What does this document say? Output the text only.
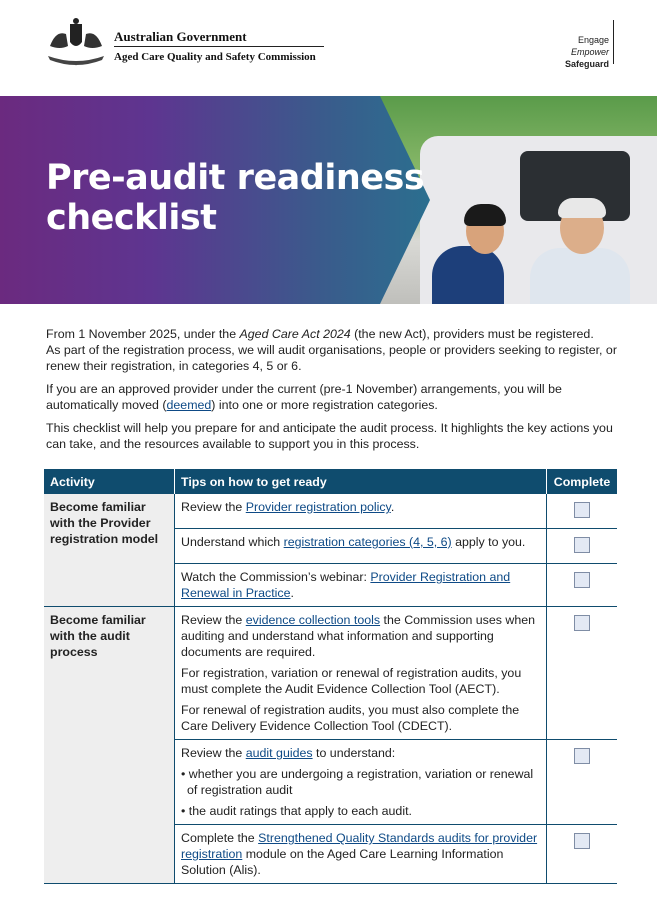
.
Australian Government
Aged Care Quality and Safety Commission
Engage
Empower
Safeguard
Pre-audit readiness
checklist

From 1 November 2025, under the Aged Care Act 2024 (the new Act), providers must be registered.
As part of the registration process, we will audit organisations, people or providers seeking to register, or renew their registration, in categories 4, 5 or 6.

If you are an approved provider under the current (pre-1 November) arrangements, you will be automatically moved (deemed) into one or more registration categories.

This checklist will help you prepare for and anticipate the audit process. It highlights the key actions you can take, and the resources available to support you in this process.

Activity	Tips on how to get ready	Complete
Become familiar with the Provider registration model	Review the Provider registration policy.	
	Understand which registration categories (4, 5, 6) apply to you.	
	Watch the Commission’s webinar: Provider Registration and Renewal in Practice.	
Become familiar with the audit process	Review the evidence collection tools the Commission uses when auditing and understand what information and supporting documents are required.

For registration, variation or renewal of registration audits, you must complete the Audit Evidence Collection Tool (AECT).

For renewal of registration audits, you must also complete the Care Delivery Evidence Collection Tool (CDECT).	

	Review the audit guides to understand:

• whether you are undergoing a registration, variation or renewal of registration audit

• the audit ratings that apply to each audit.	

	Complete the Strengthened Quality Standards audits for provider registration module on the Aged Care Learning Information Solution (Alis).	
